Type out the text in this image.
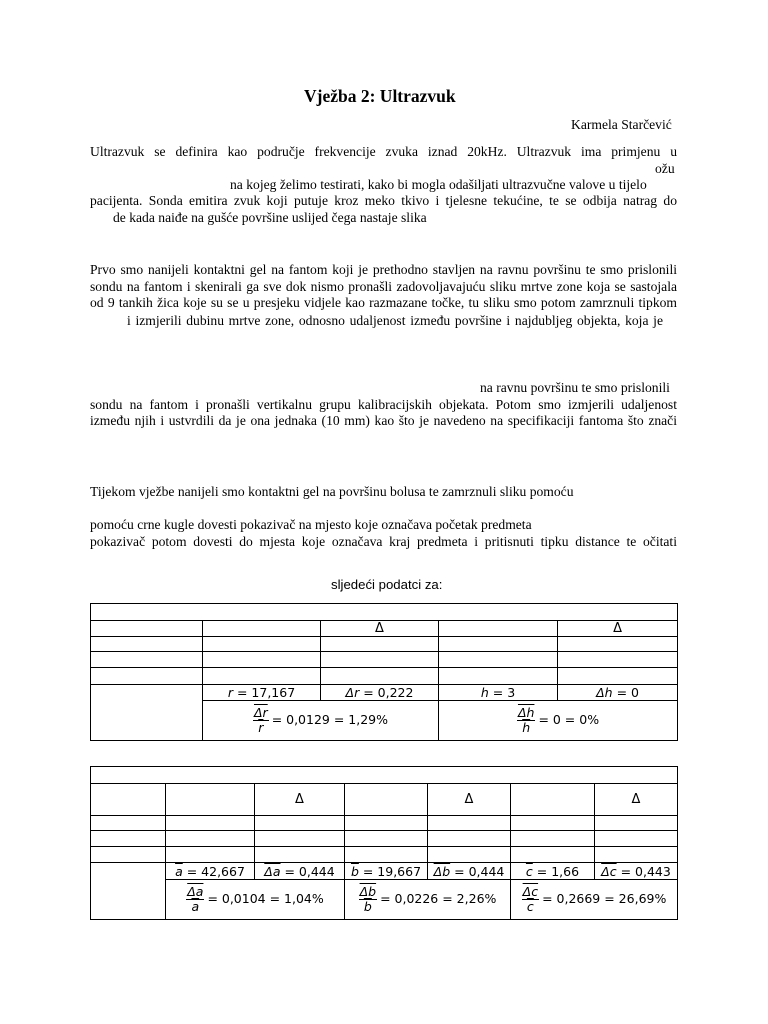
Vježba 2: Ultrazvuk
Karmela Starčević
Ultrazvuk se definira kao područje frekvencije zvuka iznad 20kHz. Ultrazvuk ima primjenu u
ožu
na kojeg želimo testirati, kako bi mogla odašiljati ultrazvučne valove u tijelo
pacijenta. Sonda emitira zvuk koji putuje kroz meko tkivo i tjelesne tekućine, te se odbija natrag do
de kada naiđe na gušće površine uslijed čega nastaje slika
Prvo smo nanijeli kontaktni gel na fantom koji je prethodno stavljen na ravnu površinu te smo prislonili
sondu na fantom i skenirali ga sve dok nismo pronašli zadovoljavajuću sliku mrtve zone koja se sastojala
od 9 tankih žica koje su se u presjeku vidjele kao razmazane točke, tu sliku smo potom zamrznuli tipkom
i izmjerili dubinu mrtve zone, odnosno udaljenost između površine i najdubljeg objekta, koja je
na ravnu površinu te smo prislonili
sondu na fantom i pronašli vertikalnu grupu kalibracijskih objekata. Potom smo izmjerili udaljenost
između njih i ustvrdili da je ona jednaka (10 mm) kao što je navedeno na specifikaciji fantoma što znači
Tijekom vježbe nanijeli smo kontaktni gel na površinu bolusa te zamrznuli sliku pomoću
pomoću crne kugle dovesti pokazivač na mjesto koje označava početak predmeta
pokazivač potom dovesti do mjesta koje označava kraj predmeta i pritisnuti tipku distance te očitati
sljedeći podatci za:

		Δ		Δ

	$\overline{r} = 17,167$	$\overline{\Delta r} = 0,222$	$\overline{h} = 3$	$\overline{\Delta h} = 0$

	$\frac{\overline{\Delta r}}{r} = 0,0129 = 1,29\%$		$\frac{\overline{\Delta h}}{h} = 0 = 0\%$	

		Δ		Δ		Δ

	$\overline{a} = 42,667$	$\overline{\Delta a} = 0,444$	$\overline{b} = 19,667$	$\overline{\Delta b} = 0,444$	$\overline{c} = 1,66$	$\overline{\Delta c} = 0,443$

	$\frac{\overline{\Delta a}}{a} = 0,0104 = 1,04\%$		$\frac{\overline{\Delta b}}{b} = 0,0226 = 2,26\%$		$\frac{\overline{\Delta c}}{c} = 0,2669 = 26,69\%$	
